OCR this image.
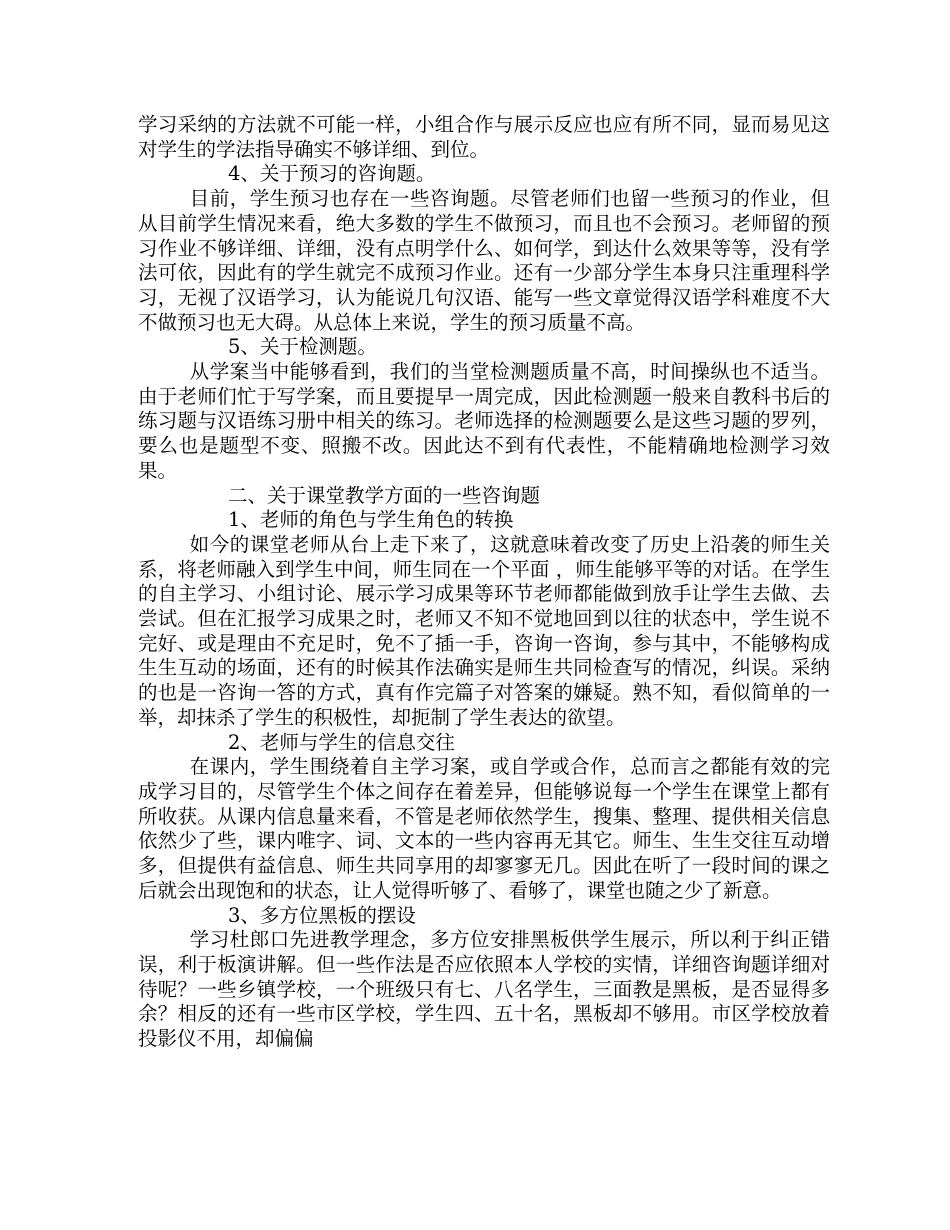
学习采纳的方法就不可能一样，小组合作与展示反应也应有所不同，显而易见这对学生的学法指导确实不够详细、到位。

4、关于预习的咨询题。

目前，学生预习也存在一些咨询题。尽管老师们也留一些预习的作业，但从目前学生情况来看，绝大多数的学生不做预习，而且也不会预习。老师留的预习作业不够详细、详细，没有点明学什么、如何学，到达什么效果等等，没有学法可依，因此有的学生就完不成预习作业。还有一少部分学生本身只注重理科学习，无视了汉语学习，认为能说几句汉语、能写一些文章觉得汉语学科难度不大不做预习也无大碍。从总体上来说，学生的预习质量不高。

5、关于检测题。

从学案当中能够看到，我们的当堂检测题质量不高，时间操纵也不适当。由于老师们忙于写学案，而且要提早一周完成，因此检测题一般来自教科书后的练习题与汉语练习册中相关的练习。老师选择的检测题要么是这些习题的罗列，要么也是题型不变、照搬不改。因此达不到有代表性，不能精确地检测学习效果。

二、关于课堂教学方面的一些咨询题

1、老师的角色与学生角色的转换

如今的课堂老师从台上走下来了，这就意味着改变了历史上沿袭的师生关系，将老师融入到学生中间，师生同在一个平面 ，师生能够平等的对话。在学生的自主学习、小组讨论、展示学习成果等环节老师都能做到放手让学生去做、去尝试。但在汇报学习成果之时，老师又不知不觉地回到以往的状态中，学生说不完好、或是理由不充足时，免不了插一手，咨询一咨询，参与其中，不能够构成生生互动的场面，还有的时候其作法确实是师生共同检查写的情况，纠误。采纳的也是一咨询一答的方式，真有作完篇子对答案的嫌疑。熟不知，看似简单的一举，却抹杀了学生的积极性，却扼制了学生表达的欲望。

2、老师与学生的信息交往

在课内，学生围绕着自主学习案，或自学或合作，总而言之都能有效的完成学习目的，尽管学生个体之间存在着差异，但能够说每一个学生在课堂上都有所收获。从课内信息量来看，不管是老师依然学生，搜集、整理、提供相关信息依然少了些，课内唯字、词、文本的一些内容再无其它。师生、生生交往互动增多，但提供有益信息、师生共同享用的却寥寥无几。因此在听了一段时间的课之后就会出现饱和的状态，让人觉得听够了、看够了，课堂也随之少了新意。

3、多方位黑板的摆设

学习杜郎口先进教学理念，多方位安排黑板供学生展示，所以利于纠正错误，利于板演讲解。但一些作法是否应依照本人学校的实情，详细咨询题详细对待呢？一些乡镇学校，一个班级只有七、八名学生，三面教是黑板，是否显得多余？相反的还有一些市区学校，学生四、五十名，黑板却不够用。市区学校放着投影仪不用，却偏偏
